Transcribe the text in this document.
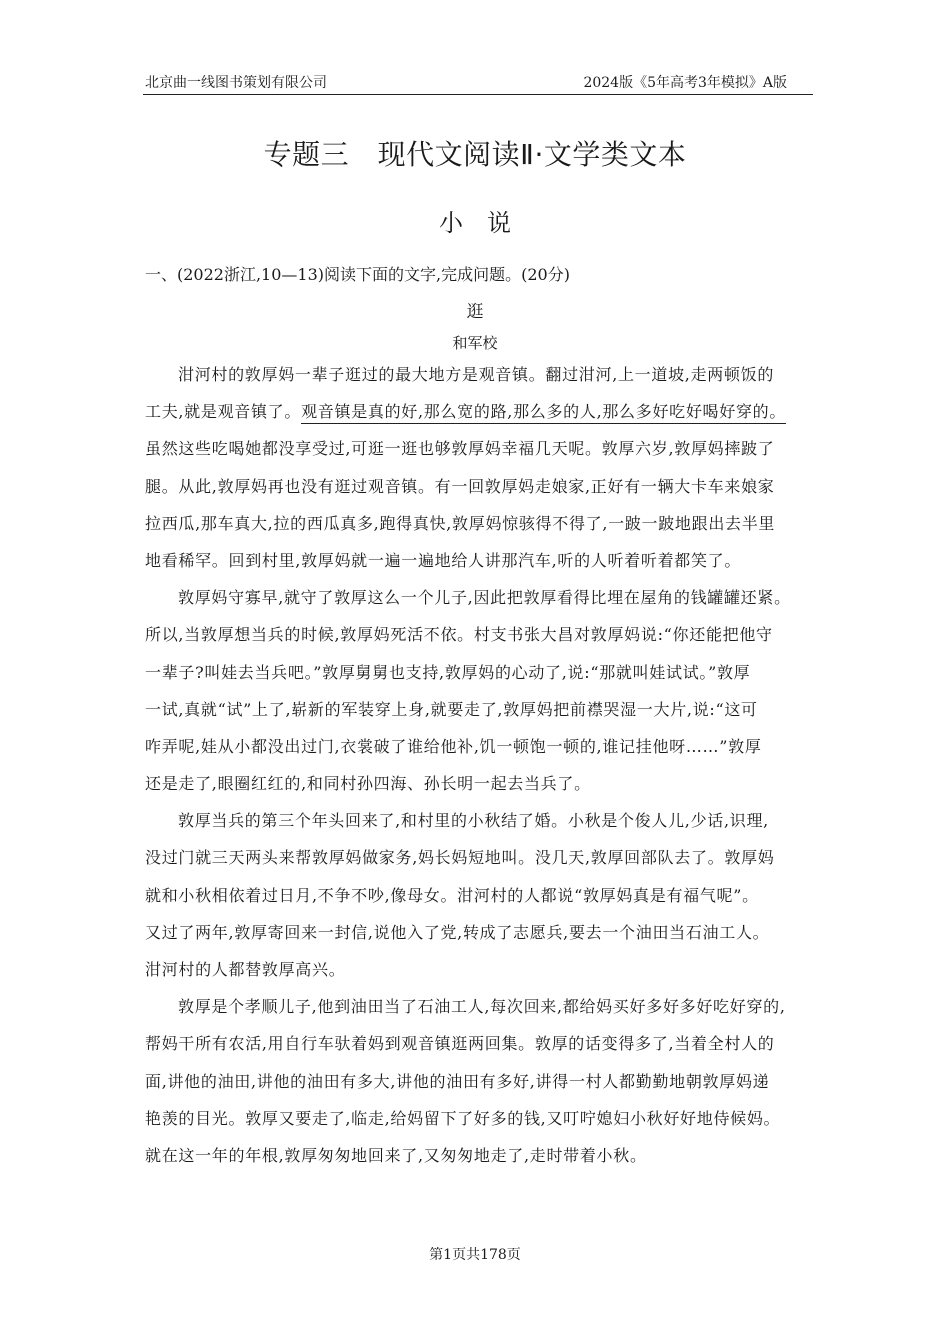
北京曲一线图书策划有限公司	2024版《5年高考3年模拟》A版
专题三　现代文阅读Ⅱ·文学类文本
小说
一、(2022浙江,10—13)阅读下面的文字,完成问题。(20分)
逛
和军校
泔河村的敦厚妈一辈子逛过的最大地方是观音镇。翻过泔河,上一道坡,走两顿饭的
工夫,就是观音镇了。观音镇是真的好,那么宽的路,那么多的人,那么多好吃好喝好穿的。
虽然这些吃喝她都没享受过,可逛一逛也够敦厚妈幸福几天呢。敦厚六岁,敦厚妈摔跛了
腿。从此,敦厚妈再也没有逛过观音镇。有一回敦厚妈走娘家,正好有一辆大卡车来娘家
拉西瓜,那车真大,拉的西瓜真多,跑得真快,敦厚妈惊骇得不得了,一跛一跛地跟出去半里
地看稀罕。回到村里,敦厚妈就一遍一遍地给人讲那汽车,听的人听着听着都笑了。
敦厚妈守寡早,就守了敦厚这么一个儿子,因此把敦厚看得比埋在屋角的钱罐罐还紧。
所以,当敦厚想当兵的时候,敦厚妈死活不依。村支书张大昌对敦厚妈说:“你还能把他守
一辈子?叫娃去当兵吧。”敦厚舅舅也支持,敦厚妈的心动了,说:“那就叫娃试试。”敦厚
一试,真就“试”上了,崭新的军装穿上身,就要走了,敦厚妈把前襟哭湿一大片,说:“这可
咋弄呢,娃从小都没出过门,衣裳破了谁给他补,饥一顿饱一顿的,谁记挂他呀……”敦厚
还是走了,眼圈红红的,和同村孙四海、孙长明一起去当兵了。
敦厚当兵的第三个年头回来了,和村里的小秋结了婚。小秋是个俊人儿,少话,识理,
没过门就三天两头来帮敦厚妈做家务,妈长妈短地叫。没几天,敦厚回部队去了。敦厚妈
就和小秋相依着过日月,不争不吵,像母女。泔河村的人都说“敦厚妈真是有福气呢”。
又过了两年,敦厚寄回来一封信,说他入了党,转成了志愿兵,要去一个油田当石油工人。
泔河村的人都替敦厚高兴。
敦厚是个孝顺儿子,他到油田当了石油工人,每次回来,都给妈买好多好多好吃好穿的,
帮妈干所有农活,用自行车驮着妈到观音镇逛两回集。敦厚的话变得多了,当着全村人的
面,讲他的油田,讲他的油田有多大,讲他的油田有多好,讲得一村人都勤勤地朝敦厚妈递
艳羡的目光。敦厚又要走了,临走,给妈留下了好多的钱,又叮咛媳妇小秋好好地侍候妈。
就在这一年的年根,敦厚匆匆地回来了,又匆匆地走了,走时带着小秋。
第1页共178页
